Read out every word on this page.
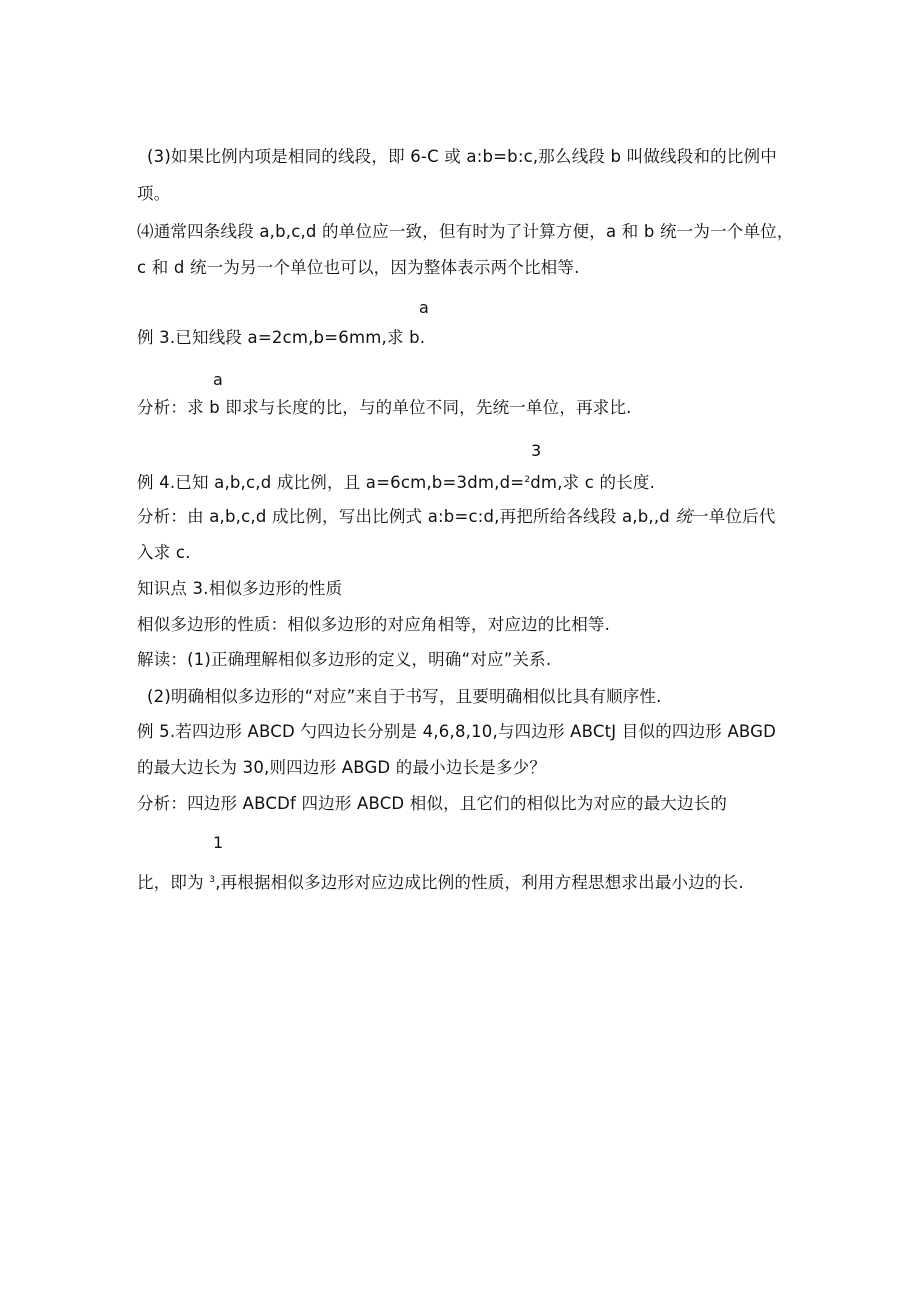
(3)如果比例内项是相同的线段，即 6-C 或 a:b=b:c,那么线段 b 叫做线段和的比例中
项。
⑷通常四条线段 a,b,c,d 的单位应一致，但有时为了计算方便，a 和 b 统一为一个单位，
c 和 d 统一为另一个单位也可以，因为整体表示两个比相等.
a
例 3.已知线段 a=2cm,b=6mm,求 b.
a
分析：求 b 即求与长度的比，与的单位不同，先统一单位，再求比.
3
例 4.已知 a,b,c,d 成比例，且 a=6cm,b=3dm,d=$^2$dm,求 c 的长度.
分析：由 a,b,c,d 成比例，写出比例式 a:b=c:d,再把所给各线段 a,b,,d 统一单位后代
入求 c.
知识点 3.相似多边形的性质
相似多边形的性质：相似多边形的对应角相等，对应边的比相等.
解读：(1)正确理解相似多边形的定义，明确“对应”关系.
(2)明确相似多边形的“对应”来自于书写，且要明确相似比具有顺序性.
例 5.若四边形 ABCD 勺四边长分别是 4,6,8,10,与四边形 ABCtJ 目似的四边形 ABGD
的最大边长为 30,则四边形 ABGD 的最小边长是多少？
分析：四边形 ABCDf 四边形 ABCD 相似，且它们的相似比为对应的最大边长的
1
比，即为 $^3$,再根据相似多边形对应边成比例的性质，利用方程思想求出最小边的长.
